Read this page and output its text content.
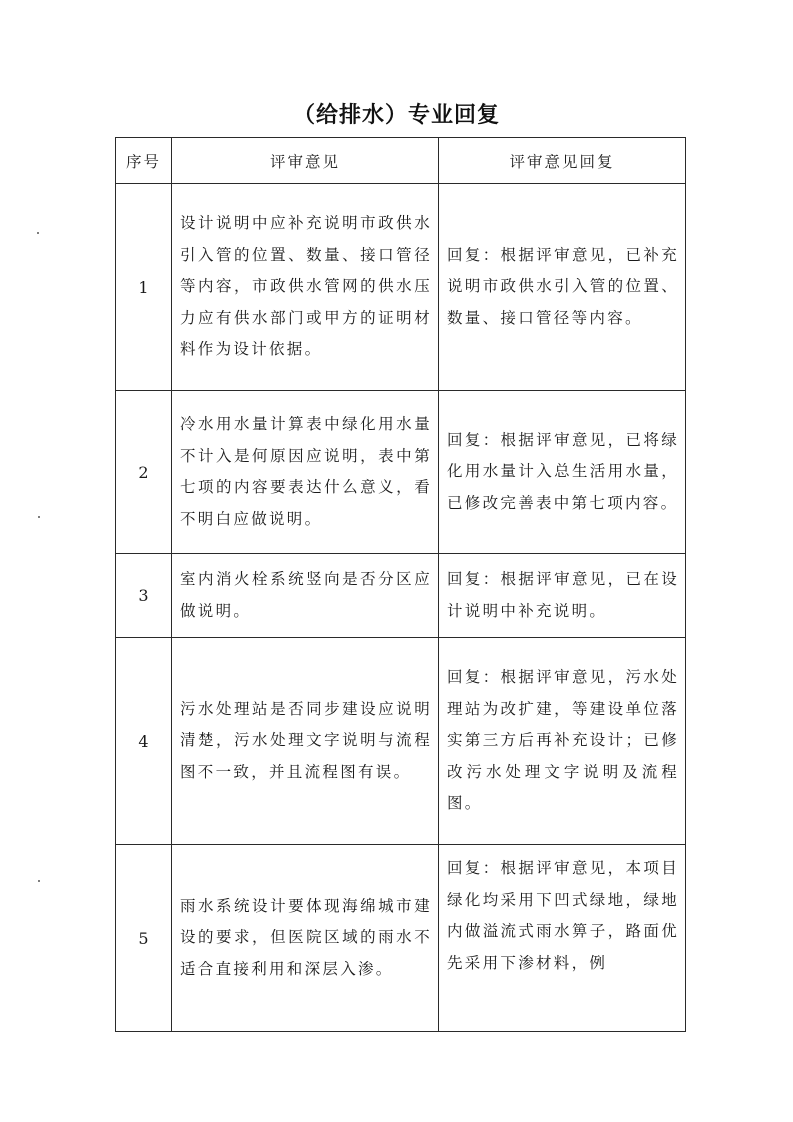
（给排水）专业回复
序号	评审意见	评审意见回复
1	设计说明中应补充说明市政供水引入管的位置、数量、接口管径等内容，市政供水管网的供水压力应有供水部门或甲方的证明材料作为设计依据。	回复：根据评审意见，已补充说明市政供水引入管的位置、数量、接口管径等内容。

2	冷水用水量计算表中绿化用水量不计入是何原因应说明，表中第七项的内容要表达什么意义，看不明白应做说明。	回复：根据评审意见，已将绿化用水量计入总生活用水量，已修改完善表中第七项内容。

3	室内消火栓系统竖向是否分区应做说明。	回复：根据评审意见，已在设计说明中补充说明。

4	污水处理站是否同步建设应说明清楚，污水处理文字说明与流程图不一致，并且流程图有误。	回复：根据评审意见，污水处理站为改扩建，等建设单位落实第三方后再补充设计；已修改污水处理文字说明及流程图。

5	雨水系统设计要体现海绵城市建设的要求，但医院区域的雨水不适合直接利用和深层入渗。	回复：根据评审意见，本项目绿化均采用下凹式绿地，绿地内做溢流式雨水箅子，路面优先采用下渗材料，例
